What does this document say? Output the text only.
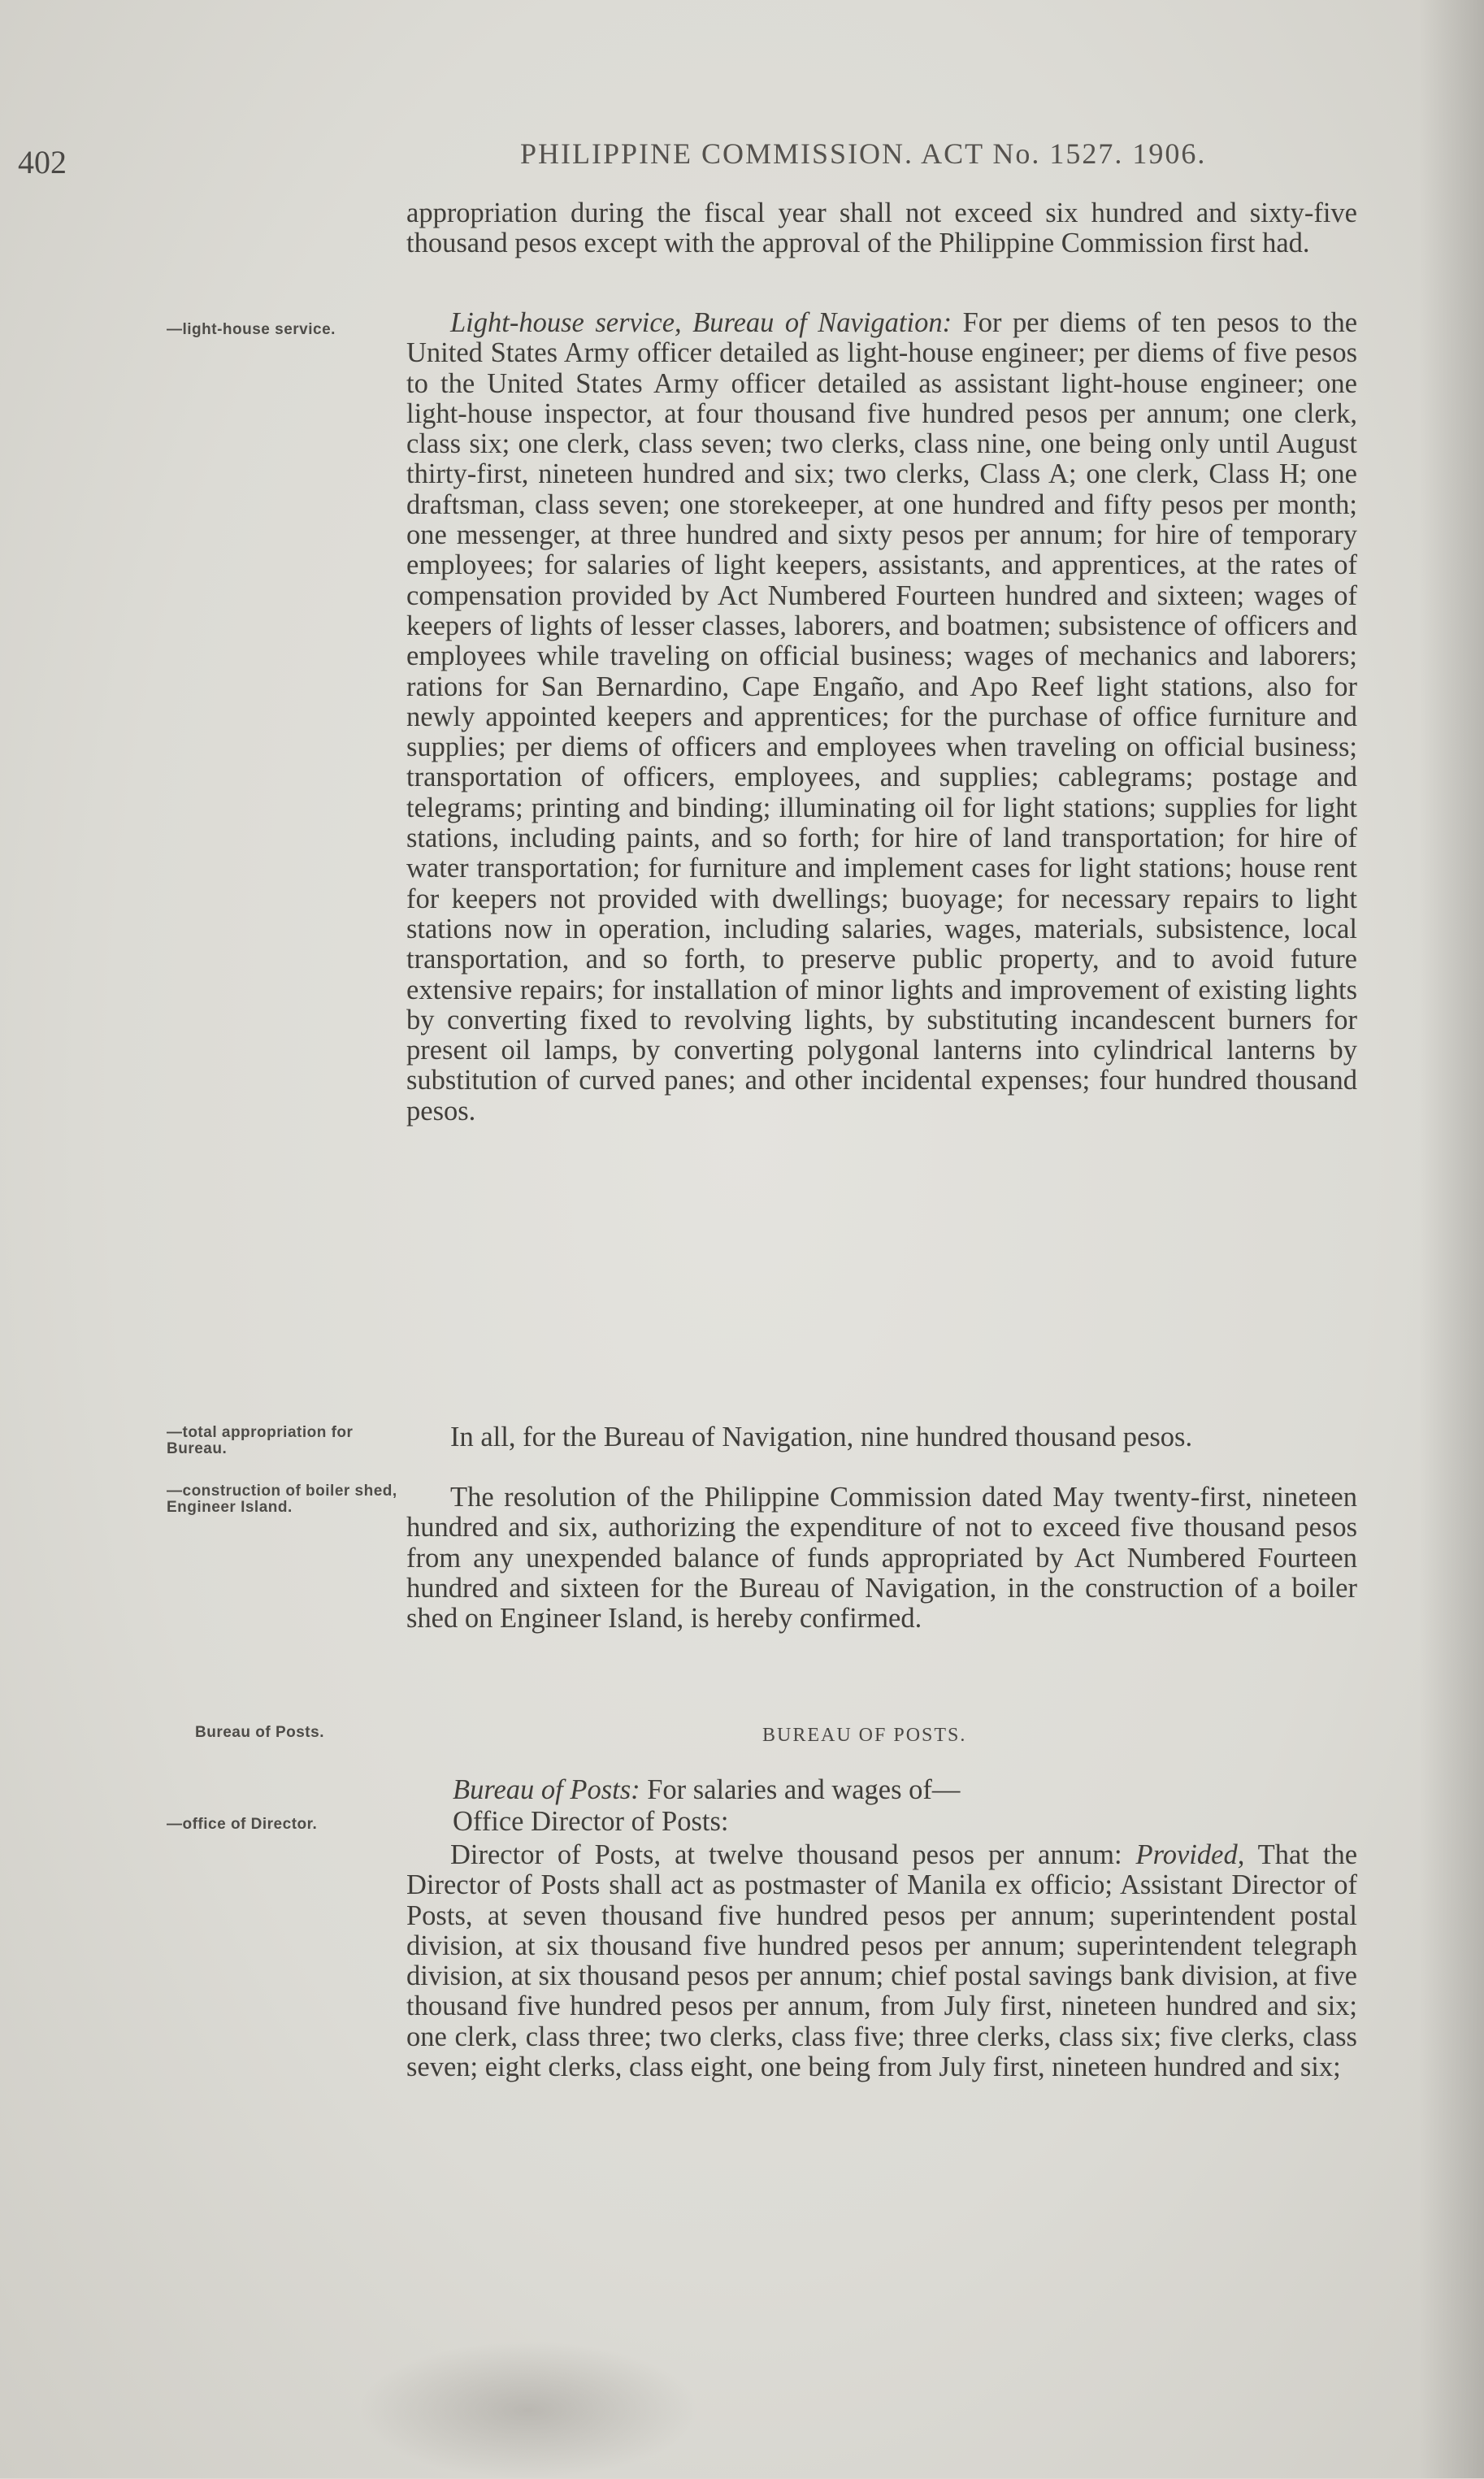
402	PHILIPPINE COMMISSION. ACT No. 1527. 1906.

appropriation during the fiscal year shall not exceed six hundred and sixty-five thousand pesos except with the approval of the Philippine Commission first had.

—light-house service.	Light-house service, Bureau of Navigation: For per diems of ten pesos to the United States Army officer detailed as light-house engineer; per diems of five pesos to the United States Army officer detailed as assistant light-house engineer; one light-house inspector, at four thousand five hundred pesos per annum; one clerk, class six; one clerk, class seven; two clerks, class nine, one being only until August thirty-first, nineteen hundred and six; two clerks, Class A; one clerk, Class H; one draftsman, class seven; one storekeeper, at one hundred and fifty pesos per month; one messenger, at three hundred and sixty pesos per annum; for hire of temporary employees; for salaries of light keepers, assistants, and apprentices, at the rates of compensation provided by Act Numbered Fourteen hundred and sixteen; wages of keepers of lights of lesser classes, laborers, and boatmen; subsistence of officers and employees while traveling on official business; wages of mechanics and laborers; rations for San Bernardino, Cape Engaño, and Apo Reef light stations, also for newly appointed keepers and apprentices; for the purchase of office furniture and supplies; per diems of officers and employees when traveling on official business; transportation of officers, employees, and supplies; cablegrams; postage and telegrams; printing and binding; illuminating oil for light stations; supplies for light stations, including paints, and so forth; for hire of land transportation; for hire of water transportation; for furniture and implement cases for light stations; house rent for keepers not provided with dwellings; buoyage; for necessary repairs to light stations now in operation, including salaries, wages, materials, subsistence, local transportation, and so forth, to preserve public property, and to avoid future extensive repairs; for installation of minor lights and improvement of existing lights by converting fixed to revolving lights, by substituting incandescent burners for present oil lamps, by converting polygonal lanterns into cylindrical lanterns by substitution of curved panes; and other incidental expenses; four hundred thousand pesos.

—total appropriation for Bureau.	In all, for the Bureau of Navigation, nine hundred thousand pesos.

—construction of boiler shed, Engineer Island.	The resolution of the Philippine Commission dated May twenty-first, nineteen hundred and six, authorizing the expenditure of not to exceed five thousand pesos from any unexpended balance of funds appropriated by Act Numbered Fourteen hundred and sixteen for the Bureau of Navigation, in the construction of a boiler shed on Engineer Island, is hereby confirmed.

Bureau of Posts.	BUREAU OF POSTS.
Bureau of Posts: For salaries and wages of—
—office of Director.	Office Director of Posts:

Director of Posts, at twelve thousand pesos per annum: Provided, That the Director of Posts shall act as postmaster of Manila ex officio; Assistant Director of Posts, at seven thousand five hundred pesos per annum; superintendent postal division, at six thousand five hundred pesos per annum; superintendent telegraph division, at six thousand pesos per annum; chief postal savings bank division, at five thousand five hundred pesos per annum, from July first, nineteen hundred and six; one clerk, class three; two clerks, class five; three clerks, class six; five clerks, class seven; eight clerks, class eight, one being from July first, nineteen hundred and six;
